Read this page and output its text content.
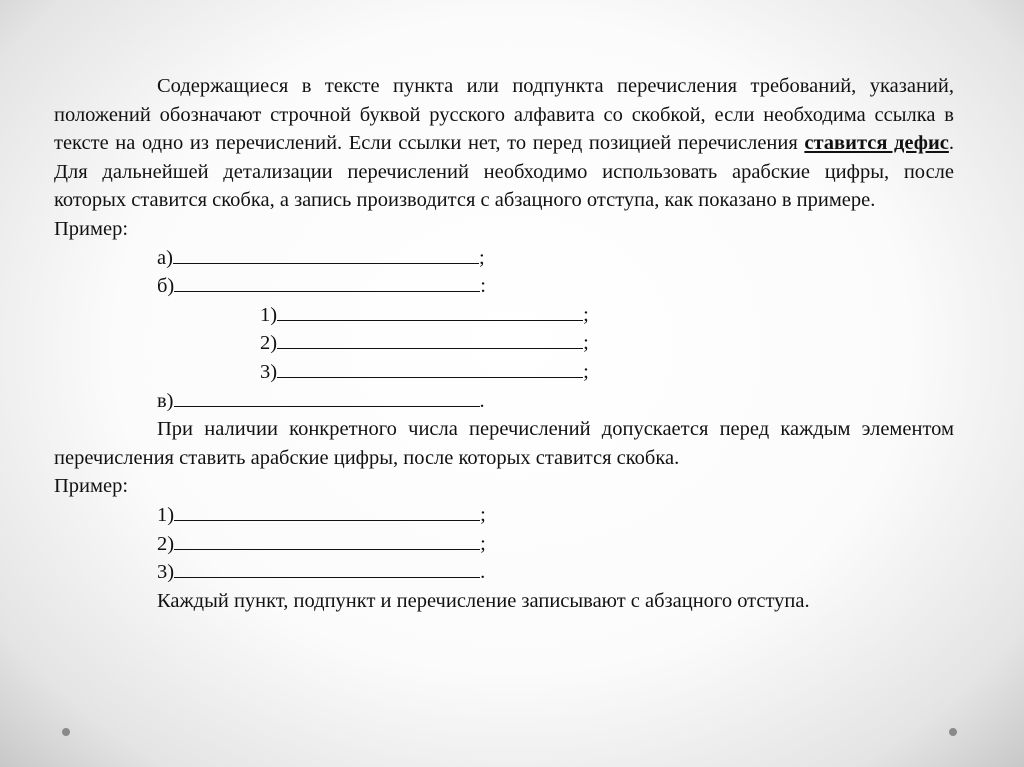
Содержащиеся в тексте пункта или подпункта перечисления требований, указаний, положений обозначают строчной буквой русского алфавита со скобкой, если необходима ссылка в тексте на одно из перечислений. Если ссылки нет, то перед позицией перечисления ставится дефис. Для дальнейшей детализации перечислений необходимо использовать арабские цифры, после которых ставится скобка, а запись производится с абзацного отступа, как показано в примере.
Пример:
а)	;
б)	:
1)	;
2)	;
3)	;
в)	.
При наличии конкретного числа перечислений допускается перед каждым элементом перечисления ставить арабские цифры, после которых ставится скобка.
Пример:
1)	;
2)	;
3)	.
Каждый пункт, подпункт и перечисление записывают с абзацного отступа.
